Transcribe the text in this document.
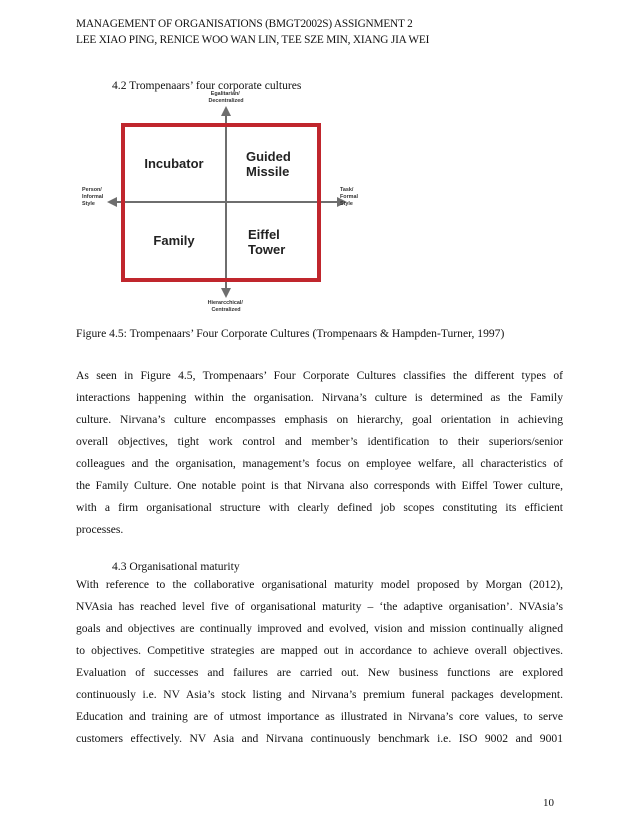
MANAGEMENT OF ORGANISATIONS (BMGT2002S) ASSIGNMENT 2
LEE XIAO PING, RENICE WOO WAN LIN, TEE SZE MIN, XIANG JIA WEI
4.2 Trompenaars’ four corporate cultures
Egalitarian/ Decentralized
Hierarcchical/ Centralized
Person/ Informal Style
Task/ Formal Style
Incubator	Guided Missile
Family	Eiffel Tower
Figure 4.5: Trompenaars’ Four Corporate Cultures (Trompenaars & Hampden-Turner, 1997)
As seen in Figure 4.5, Trompenaars’ Four Corporate Cultures classifies the different types of
interactions happening within the organisation. Nirvana’s culture is determined as the Family
culture. Nirvana’s culture encompasses emphasis on hierarchy, goal orientation in achieving
overall objectives, tight work control and member’s identification to their superiors/senior
colleagues and the organisation, management’s focus on employee welfare, all characteristics of
the Family Culture. One notable point is that Nirvana also corresponds with Eiffel Tower culture,
with a firm organisational structure with clearly defined job scopes constituting its efficient
processes.
4.3 Organisational maturity
With reference to the collaborative organisational maturity model proposed by Morgan (2012),
NVAsia has reached level five of organisational maturity – ‘the adaptive organisation’. NVAsia’s
goals and objectives are continually improved and evolved, vision and mission continually aligned
to objectives. Competitive strategies are mapped out in accordance to achieve overall objectives.
Evaluation of successes and failures are carried out. New business functions are explored
continuously i.e. NV Asia’s stock listing and Nirvana’s premium funeral packages development.
Education and training are of utmost importance as illustrated in Nirvana’s core values, to serve
customers effectively. NV Asia and Nirvana continuously benchmark i.e. ISO 9002 and 9001
10
